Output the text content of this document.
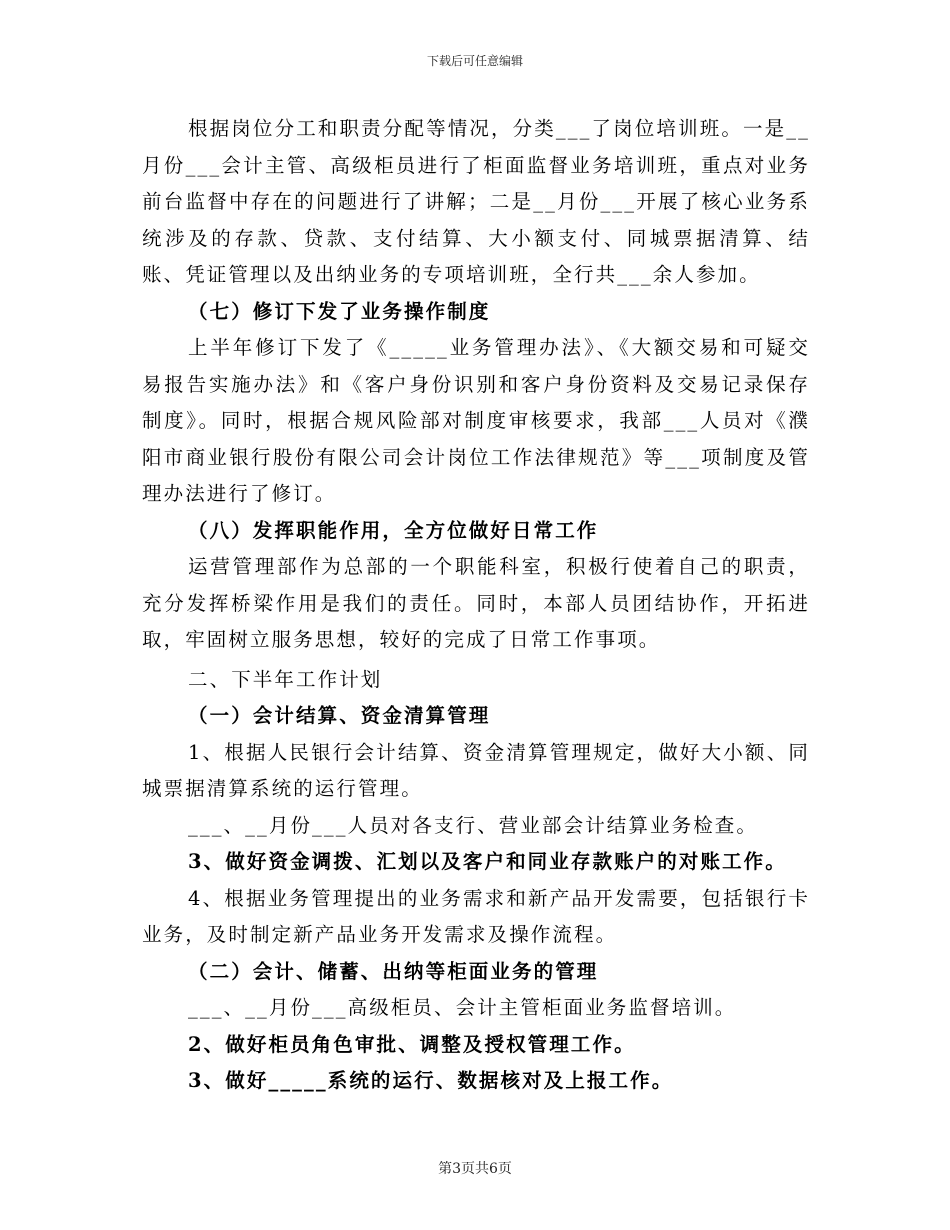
下载后可任意编辑

根据岗位分工和职责分配等情况，分类___了岗位培训班。一是__月份___会计主管、高级柜员进行了柜面监督业务培训班，重点对业务前台监督中存在的问题进行了讲解；二是__月份___开展了核心业务系统涉及的存款、贷款、支付结算、大小额支付、同城票据清算、结账、凭证管理以及出纳业务的专项培训班，全行共___余人参加。

（七）修订下发了业务操作制度

上半年修订下发了《_____业务管理办法》、《大额交易和可疑交易报告实施办法》和《客户身份识别和客户身份资料及交易记录保存制度》。同时，根据合规风险部对制度审核要求，我部___人员对《濮阳市商业银行股份有限公司会计岗位工作法律规范》等___项制度及管理办法进行了修订。

（八）发挥职能作用，全方位做好日常工作

运营管理部作为总部的一个职能科室，积极行使着自己的职责，充分发挥桥梁作用是我们的责任。同时，本部人员团结协作，开拓进取，牢固树立服务思想，较好的完成了日常工作事项。

二、下半年工作计划

（一）会计结算、资金清算管理

1、根据人民银行会计结算、资金清算管理规定，做好大小额、同城票据清算系统的运行管理。

___、__月份___人员对各支行、营业部会计结算业务检查。

3、做好资金调拨、汇划以及客户和同业存款账户的对账工作。

4、根据业务管理提出的业务需求和新产品开发需要，包括银行卡业务，及时制定新产品业务开发需求及操作流程。

（二）会计、储蓄、出纳等柜面业务的管理

___、__月份___高级柜员、会计主管柜面业务监督培训。

2、做好柜员角色审批、调整及授权管理工作。

3、做好_____系统的运行、数据核对及上报工作。

第3页共6页
